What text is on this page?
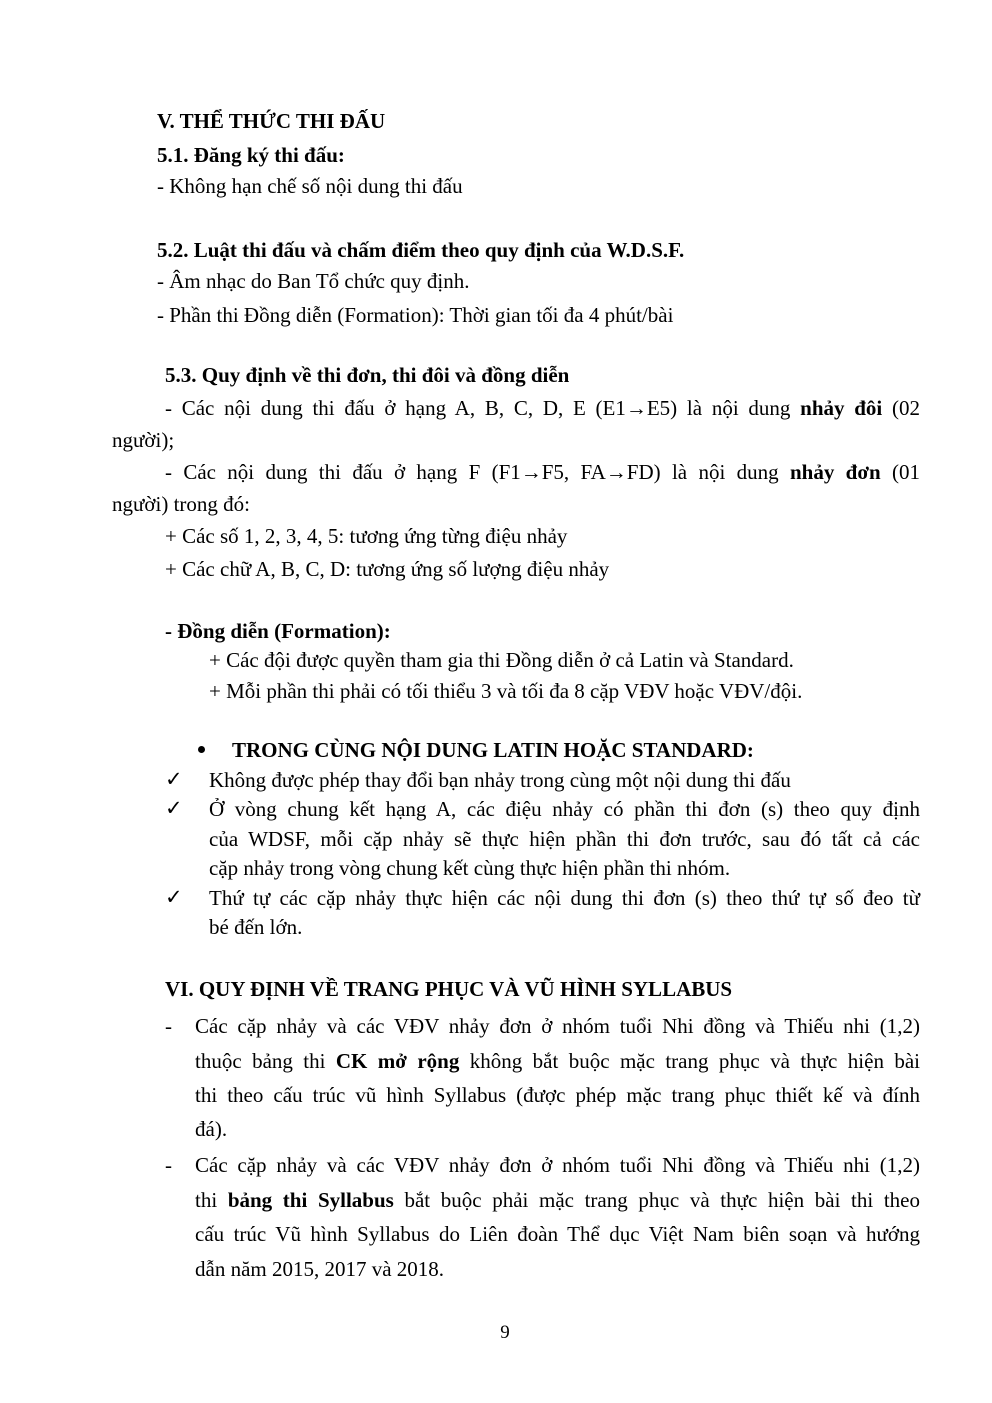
V. THỂ THỨC THI ĐẤU
5.1. Đăng ký thi đấu:
- Không hạn chế số nội dung thi đấu
5.2. Luật thi đấu và chấm điểm theo quy định của W.D.S.F.
- Âm nhạc do Ban Tổ chức quy định.
- Phần thi Đồng diễn (Formation): Thời gian tối đa 4 phút/bài
5.3. Quy định về thi đơn, thi đôi và đồng diễn
- Các nội dung thi đấu ở hạng A, B, C, D, E (E1→E5) là nội dung nhảy đôi (02
người);
- Các nội dung thi đấu ở hạng F (F1→F5, FA→FD) là nội dung nhảy đơn (01
người) trong đó:
+ Các số 1, 2, 3, 4, 5: tương ứng từng điệu nhảy
+ Các chữ A, B, C, D: tương ứng số lượng điệu nhảy
- Đồng diễn (Formation):
+ Các đội được quyền tham gia thi Đồng diễn ở cả Latin và Standard.
+ Mỗi phần thi phải có tối thiểu 3 và tối đa 8 cặp VĐV hoặc VĐV/đội.
TRONG CÙNG NỘI DUNG LATIN HOẶC STANDARD:
✓ Không được phép thay đổi bạn nhảy trong cùng một nội dung thi đấu
✓ Ở vòng chung kết hạng A, các điệu nhảy có phần thi đơn (s) theo quy định
của WDSF, mỗi cặp nhảy sẽ thực hiện phần thi đơn trước, sau đó tất cả các
cặp nhảy trong vòng chung kết cùng thực hiện phần thi nhóm.
✓ Thứ tự các cặp nhảy thực hiện các nội dung thi đơn (s) theo thứ tự số đeo từ
bé đến lớn.
VI. QUY ĐỊNH VỀ TRANG PHỤC VÀ VŨ HÌNH SYLLABUS
- Các cặp nhảy và các VĐV nhảy đơn ở nhóm tuổi Nhi đồng và Thiếu nhi (1,2)
thuộc bảng thi CK mở rộng không bắt buộc mặc trang phục và thực hiện bài
thi theo cấu trúc vũ hình Syllabus (được phép mặc trang phục thiết kế và đính
đá).
- Các cặp nhảy và các VĐV nhảy đơn ở nhóm tuổi Nhi đồng và Thiếu nhi (1,2)
thi bảng thi Syllabus bắt buộc phải mặc trang phục và thực hiện bài thi theo
cấu trúc Vũ hình Syllabus do Liên đoàn Thể dục Việt Nam biên soạn và hướng
dẫn năm 2015, 2017 và 2018.
9
